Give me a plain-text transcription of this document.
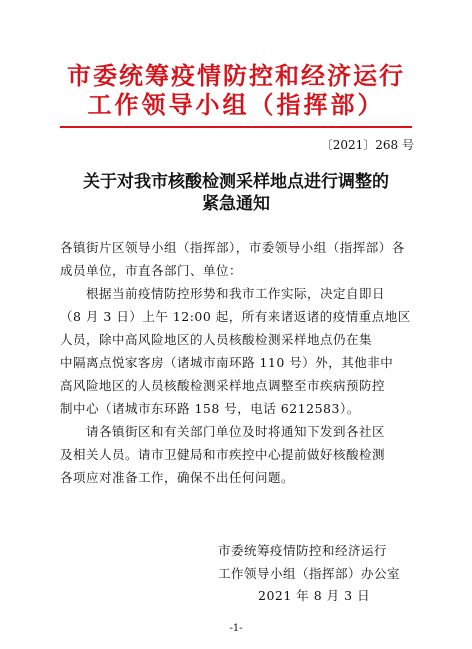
市委统筹疫情防控和经济运行
工作领导小组（指挥部）
〔2021〕268 号
关于对我市核酸检测采样地点进行调整的
紧急通知
各镇街片区领导小组（指挥部），市委领导小组（指挥部）各
成员单位，市直各部门、单位：
根据当前疫情防控形势和我市工作实际，决定自即日
（8 月 3 日）上午 12:00 起，所有来诸返诸的疫情重点地区
人员，除中高风险地区的人员核酸检测采样地点仍在集
中隔离点悦家客房（诸城市南环路 110 号）外，其他非中
高风险地区的人员核酸检测采样地点调整至市疾病预防控
制中心（诸城市东环路 158 号，电话 6212583）。
请各镇街区和有关部门单位及时将通知下发到各社区
及相关人员。请市卫健局和市疾控中心提前做好核酸检测
各项应对准备工作，确保不出任何问题。
市委统筹疫情防控和经济运行
工作领导小组（指挥部）办公室
2021 年 8 月 3 日
-1-
